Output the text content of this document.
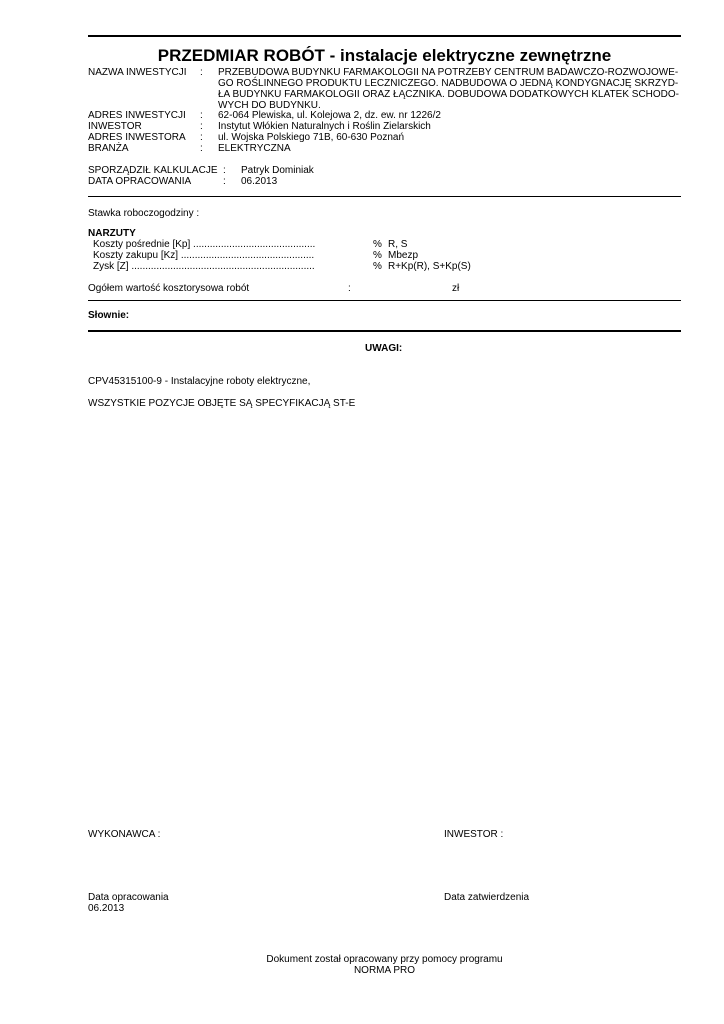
PRZEDMIAR ROBÓT - instalacje elektryczne zewnętrzne
NAZWA INWESTYCJI : PRZEBUDOWA BUDYNKU FARMAKOLOGII NA POTRZEBY CENTRUM BADAWCZO-ROZWOJOWE-
GO ROŚLINNEGO PRODUKTU LECZNICZEGO. NADBUDOWA O JEDNĄ KONDYGNACJĘ SKRZYD-
ŁA BUDYNKU FARMAKOLOGII ORAZ ŁĄCZNIKA. DOBUDOWA DODATKOWYCH KLATEK SCHODO-
WYCH DO BUDYNKU.
ADRES INWESTYCJI : 62-064 Plewiska, ul. Kolejowa 2, dz. ew. nr 1226/2
INWESTOR	: Instytut Włókien Naturalnych i Roślin Zielarskich
ADRES INWESTORA : ul. Wojska Polskiego 71B, 60-630 Poznań
BRANŻA	: ELEKTRYCZNA
SPORZĄDZIŁ KALKULACJE : Patryk Dominiak
DATA OPRACOWANIA	: 06.2013
Stawka roboczogodziny :
NARZUTY
Koszty pośrednie [Kp] ............................................	% R, S
Koszty zakupu [Kz] ................................................	% Mbezp
Zysk [Z] ..................................................................	% R+Kp(R), S+Kp(S)
Ogółem wartość kosztorysowa robót	:	zł
Słownie:
UWAGI:
CPV45315100-9 - Instalacyjne roboty elektryczne,
WSZYSTKIE POZYCJE OBJĘTE SĄ SPECYFIKACJĄ ST-E
WYKONAWCA :	INWESTOR :
Data opracowania
06.2013
Data zatwierdzenia
Dokument został opracowany przy pomocy programu
NORMA PRO
